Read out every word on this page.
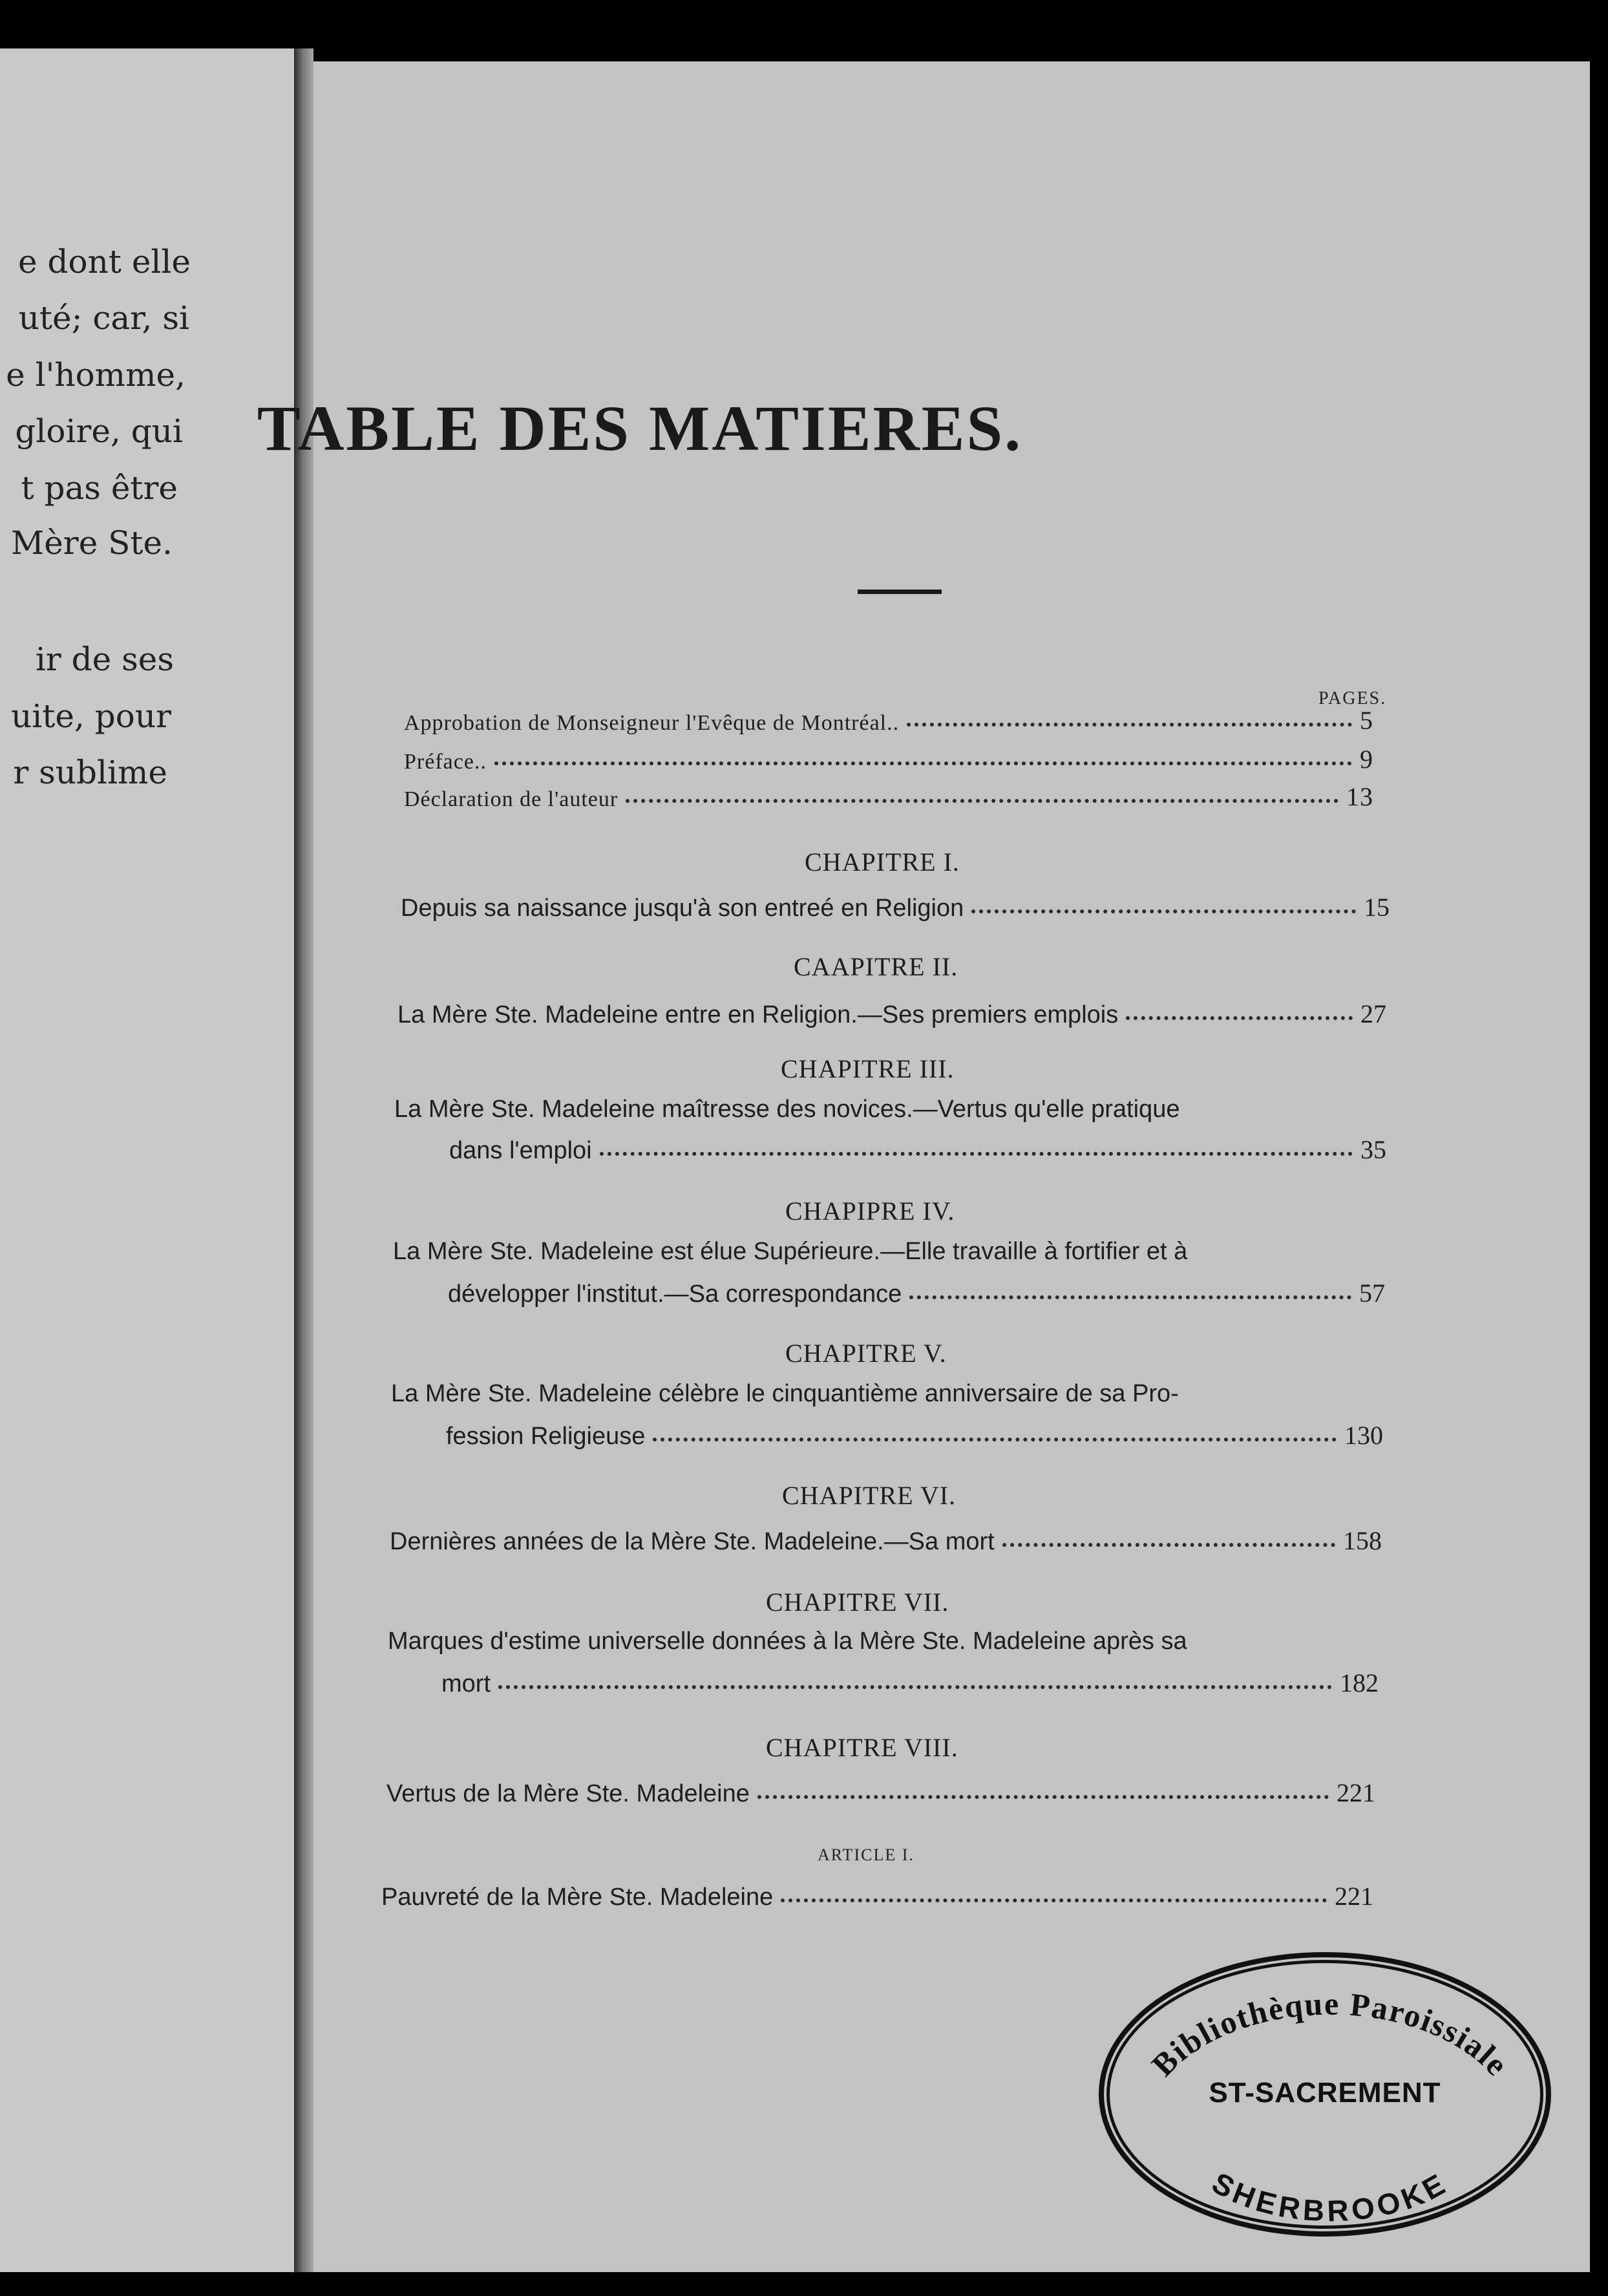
e dont elle
uté; car, si
e l'homme,
gloire, qui
t pas être
Mère Ste.
ir de ses
uite, pour
r sublime
TABLE DES MATIERES.
PAGES.
Approbation de Monseigneur l'Evêque de Montréal..	5
Préface..	9
Déclaration de l'auteur	13
CHAPITRE I.
Depuis sa naissance jusqu'à son entreé en Religion	15
CAAPITRE II.
La Mère Ste. Madeleine entre en Religion.—Ses premiers emplois	27
CHAPITRE III.
La Mère Ste. Madeleine maîtresse des novices.—Vertus qu'elle pratique
dans l'emploi	35
CHAPIPRE IV.
La Mère Ste. Madeleine est élue Supérieure.—Elle travaille à fortifier et à
développer l'institut.—Sa correspondance	57
CHAPITRE V.
La Mère Ste. Madeleine célèbre le cinquantième anniversaire de sa Pro-
fession Religieuse	130
CHAPITRE VI.
Dernières années de la Mère Ste. Madeleine.—Sa mort	158
CHAPITRE VII.
Marques d'estime universelle données à la Mère Ste. Madeleine après sa
mort	182
CHAPITRE VIII.
Vertus de la Mère Ste. Madeleine	221
ARTICLE I.
Pauvreté de la Mère Ste. Madeleine	221
Bibliothèque Paroissiale
SHERBROOKE
ST-SACREMENT
